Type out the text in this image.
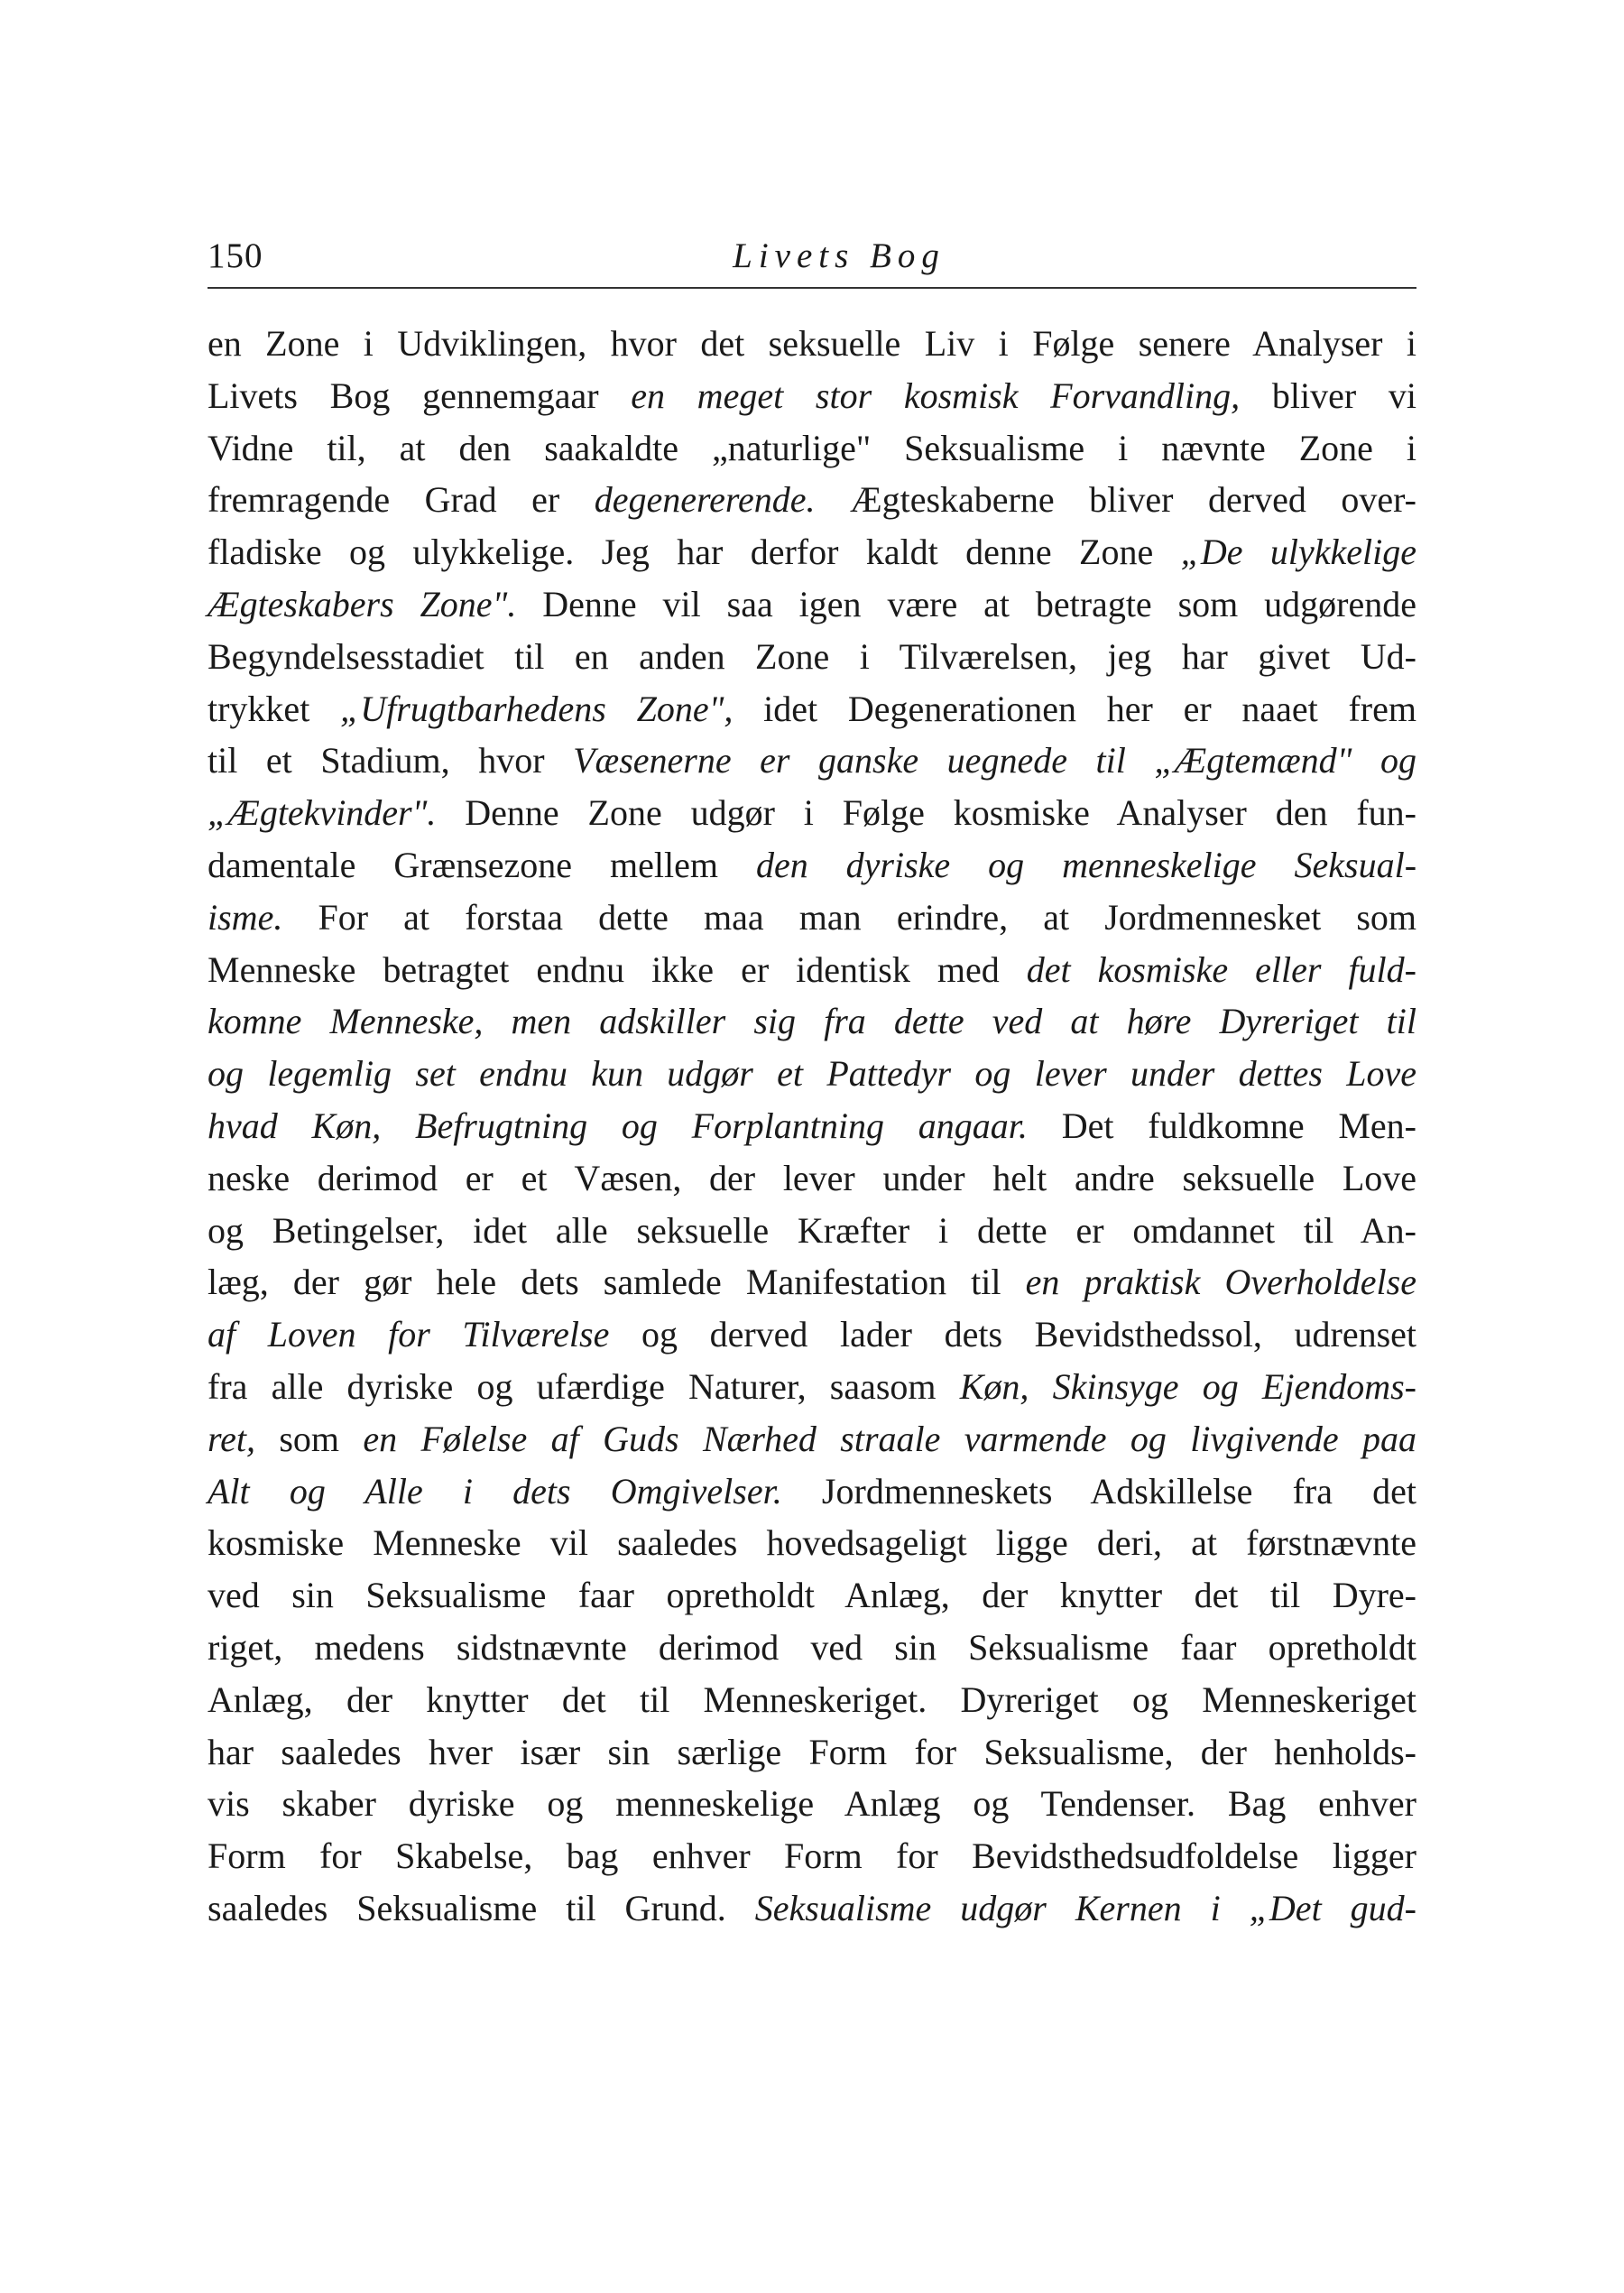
150	Livets Bog
en Zone i Udviklingen, hvor det seksuelle Liv i Følge senere Analyser i
Livets Bog gennemgaar en meget stor kosmisk Forvandling, bliver vi
Vidne til, at den saakaldte „naturlige" Seksualisme i nævnte Zone i
fremragende Grad er degenererende. Ægteskaberne bliver derved over-
fladiske og ulykkelige. Jeg har derfor kaldt denne Zone „De ulykkelige
Ægteskabers Zone". Denne vil saa igen være at betragte som udgørende
Begyndelsesstadiet til en anden Zone i Tilværelsen, jeg har givet Ud-
trykket „Ufrugtbarhedens Zone", idet Degenerationen her er naaet frem
til et Stadium, hvor Væsenerne er ganske uegnede til „Ægtemænd" og
„Ægtekvinder". Denne Zone udgør i Følge kosmiske Analyser den fun-
damentale Grænsezone mellem den dyriske og menneskelige Seksual-
isme. For at forstaa dette maa man erindre, at Jordmennesket som
Menneske betragtet endnu ikke er identisk med det kosmiske eller fuld-
komne Menneske, men adskiller sig fra dette ved at høre Dyreriget til
og legemlig set endnu kun udgør et Pattedyr og lever under dettes Love
hvad Køn, Befrugtning og Forplantning angaar. Det fuldkomne Men-
neske derimod er et Væsen, der lever under helt andre seksuelle Love
og Betingelser, idet alle seksuelle Kræfter i dette er omdannet til An-
læg, der gør hele dets samlede Manifestation til en praktisk Overholdelse
af Loven for Tilværelse og derved lader dets Bevidsthedssol, udrenset
fra alle dyriske og ufærdige Naturer, saasom Køn, Skinsyge og Ejendoms-
ret, som en Følelse af Guds Nærhed straale varmende og livgivende paa
Alt og Alle i dets Omgivelser. Jordmenneskets Adskillelse fra det
kosmiske Menneske vil saaledes hovedsageligt ligge deri, at førstnævnte
ved sin Seksualisme faar opretholdt Anlæg, der knytter det til Dyre-
riget, medens sidstnævnte derimod ved sin Seksualisme faar opretholdt
Anlæg, der knytter det til Menneskeriget. Dyreriget og Menneskeriget
har saaledes hver især sin særlige Form for Seksualisme, der henholds-
vis skaber dyriske og menneskelige Anlæg og Tendenser. Bag enhver
Form for Skabelse, bag enhver Form for Bevidsthedsudfoldelse ligger
saaledes Seksualisme til Grund. Seksualisme udgør Kernen i „Det gud-
